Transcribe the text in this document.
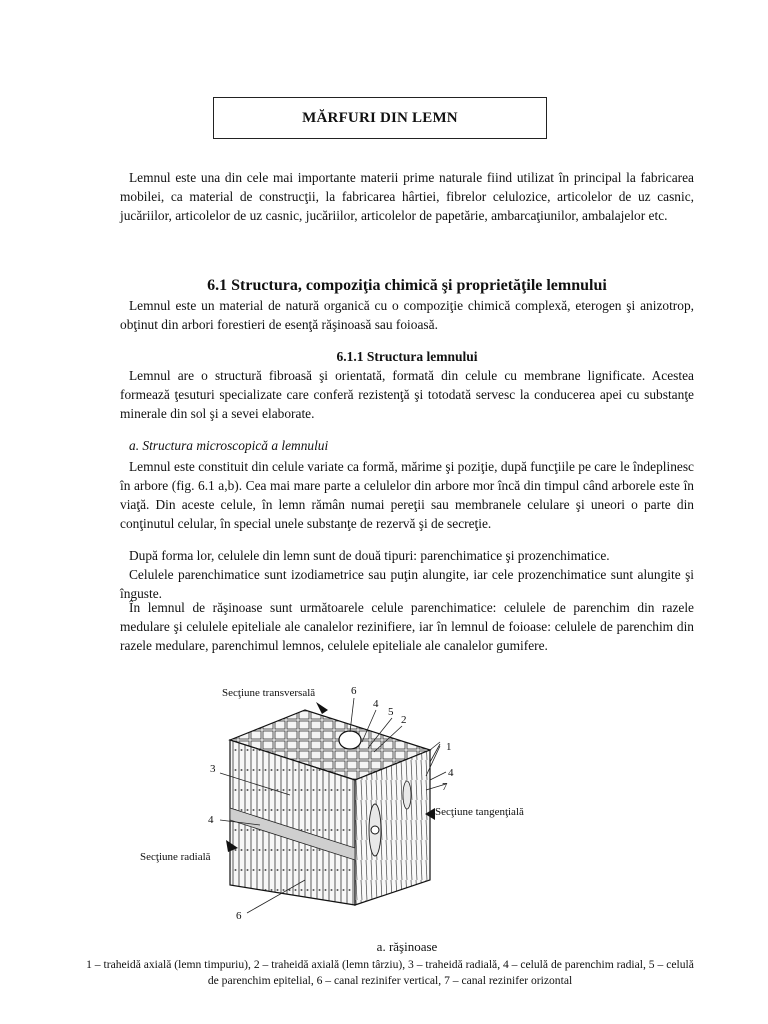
MĂRFURI DIN LEMN

Lemnul este una din cele mai importante materii prime naturale fiind utilizat în principal la fabricarea mobilei, ca material de construcţii, la fabricarea hârtiei, fibrelor celulozice, articolelor de uz casnic, jucăriilor, articolelor de uz casnic, jucăriilor, articolelor de papetărie, ambarcaţiunilor, ambalajelor etc.

6.1 Structura, compoziţia chimică şi proprietăţile lemnului

Lemnul este un material de natură organică cu o compoziţie chimică complexă, eterogen şi anizotrop, obţinut din arbori forestieri de esenţă răşinoasă sau foioasă.

6.1.1 Structura lemnului

Lemnul are o structură fibroasă şi orientată, formată din celule cu membrane lignificate. Acestea formează ţesuturi specializate care conferă rezistenţă şi totodată servesc la conducerea apei cu substanţe minerale din sol şi a sevei elaborate.

a. Structura microscopică a lemnului

Lemnul este constituit din celule variate ca formă, mărime şi poziţie, după funcţiile pe care le îndeplinesc în arbore (fig. 6.1 a,b). Cea mai mare parte a celulelor din arbore mor încă din timpul când arborele este în viaţă. Din aceste celule, în lemn rămân numai pereţii sau membranele celulare şi uneori o parte din conţinutul celular, în special unele substanţe de rezervă şi de secreţie.

După forma lor, celulele din lemn sunt de două tipuri: parenchimatice şi prozenchimatice.

Celulele parenchimatice sunt izodiametrice sau puţin alungite, iar cele prozenchimatice sunt alungite şi înguste.

În lemnul de răşinoase sunt următoarele celule parenchimatice: celulele de parenchim din razele medulare şi celulele epiteliale ale canalelor rezinifiere, iar în lemnul de foioase: celulele de parenchim din razele medulare, parenchimul lemnos, celulele epiteliale ale canalelor gumifere.

Secţiune transversală
Secţiune tangenţială
Secţiune radială
6
4
5
2
1
4
7
3
4
6

a. răşinoase

1 – traheidă axială (lemn timpuriu), 2 – traheidă axială (lemn târziu), 3 – traheidă radială, 4 – celulă de parenchim radial, 5 – celulă de parenchim epitelial, 6 – canal rezinifer vertical, 7 – canal rezinifer orizontal
